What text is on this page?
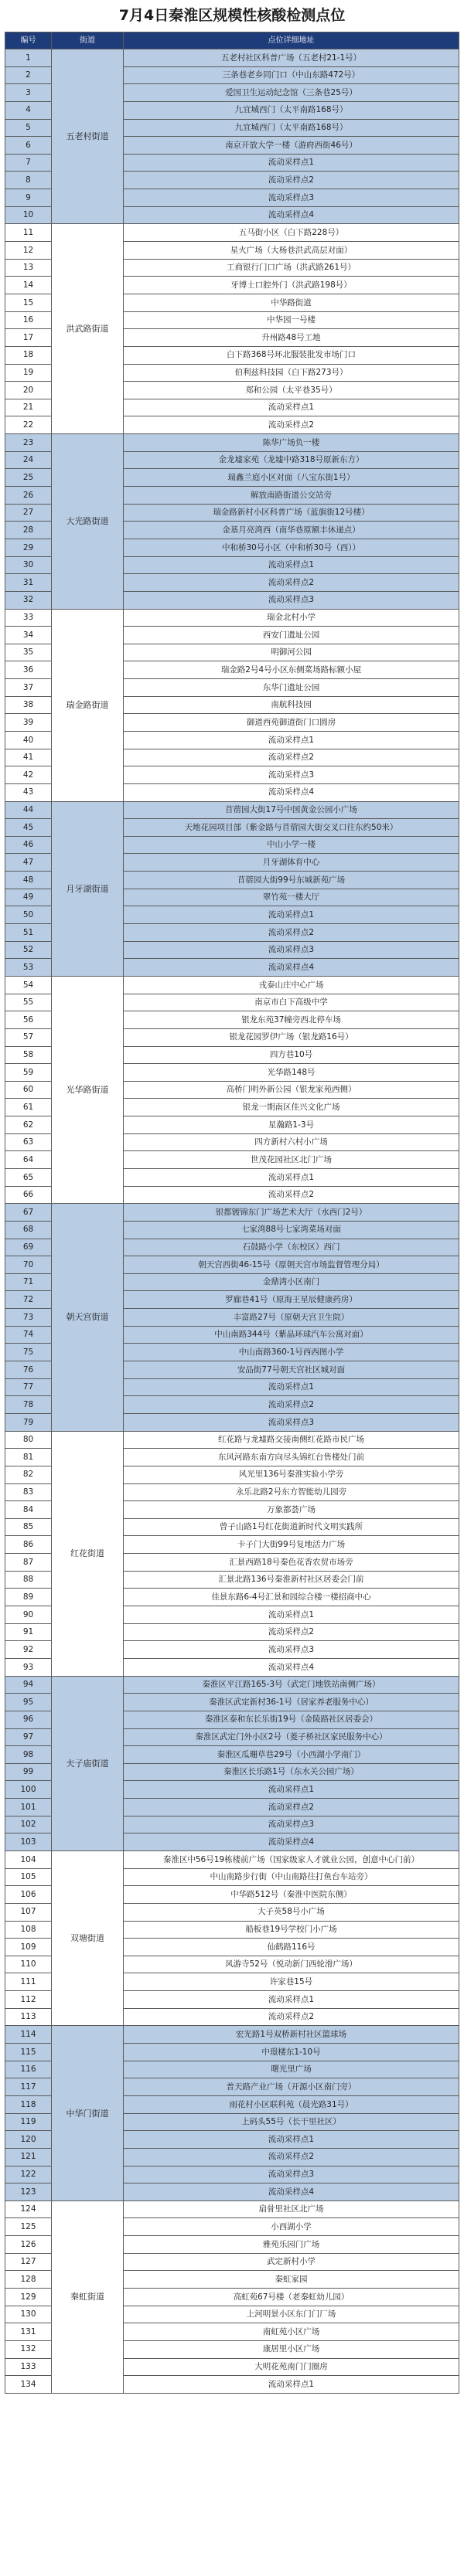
7月4日秦淮区规模性核酸检测点位
编号	街道	点位详细地址
1	五老村街道	五老村社区科普广场（五老村21-1号）
2		三条巷老乡同门口（中山东路472号）
3		爱国卫生运动纪念馆（三条巷25号）
4		九宜城西门（太平南路168号）
5		九宜城西门（太平南路168号）
6		南京开放大学一楼（游府西街46号）
7		流动采样点1
8		流动采样点2
9		流动采样点3
10		流动采样点4
11	洪武路街道	五马街小区（白下路228号）
12		星火广场（大杨巷洪武高层对面）
13		工商银行门口广场（洪武路261号）
14		牙博士口腔外门（洪武路198号）
15		中华路街道
16		中华园一号楼
17		升州路48号工地
18		白下路368号环北服装批发市场门口
19		伯利兹科技园（白下路273号）
20		郑和公园（太平巷35号）
21		流动采样点1
22		流动采样点2
23	大光路街道	陈华广场负一楼
24		金龙墟家苑（龙墟中路318号原新东方）
25		瑞鑫兰庭小区对面（八宝东街1号）
26		解放南路街道公交站旁
27		瑞金路新村小区科普广场（蓝旗街12号楼）
28		金基月亮湾西（南华巷原额丰休递点）
29		中和桥30号小区（中和桥30号（西））
30		流动采样点1
31		流动采样点2
32		流动采样点3
33	瑞金路街道	瑞金北村小学
34		西安门遗址公园
35		明御河公园
36		瑞金路2号4号小区东侧菜场路标额小屋
37		东华门遗址公园
38		南航科技园
39		御道西苑御道街门口圆房
40		流动采样点1
41		流动采样点2
42		流动采样点3
43		流动采样点4
44	月牙湖街道	苜蓿园大街17号中国黄金公园小广场
45		天地花园项目部（紫金路与苜蓿园大街交叉口往东约50米）
46		中山小学一楼
47		月牙湖体育中心
48		苜蓿园大街99号东城新苑广场
49		翠竹苑一楼大厅
50		流动采样点1
51		流动采样点2
52		流动采样点3
53		流动采样点4
54	光华路街道	戎泰山庄中心广场
55		南京市白下高级中学
56		银龙东苑37幢旁西北停车场
57		银龙花园罗伊广场（银龙路16号）
58		四方巷10号
59		光华路148号
60		高桥门明外新公园（银龙家苑西侧）
61		银龙一期南区佳兴文化广场
62		星瀚路1-3号
63		四方新村六村小广场
64		世茂花园社区北门广场
65		流动采样点1
66		流动采样点2
67	朝天宫街道	银都镀锦东门广场艺术大厅（水西门2号）
68		七家湾88号七家湾菜场对面
69		石鼓路小学（东校区）西门
70		朝天宫西街46-15号（原朝天宫市场监督管理分局）
71		金鼎湾小区南门
72		罗廊巷41号（原海王星辰健康药房）
73		丰富路27号（原朝天宫卫生院）
74		中山南路344号（紫晶环球汽车公寓对面）
75		中山南路360-1号西西图小学
76		安品街77号朝天宫社区城对面
77		流动采样点1
78		流动采样点2
79		流动采样点3
80	红花街道	红花路与龙墟路交接南侧红花路市民广场
81		东风河路东南方向尽头锦红台售楼处门前
82		风光里136号秦淮实验小学旁
83		永乐北路2号东方智能幼儿园旁
84		万象都荟广场
85		曾子山路1号红花街道新时代文明实践所
86		卡子门大街99号复地活力广场
87		汇景西路18号秦色花香农贸市场旁
88		汇景北路136号秦淮新村社区居委会门前
89		佳景东路6-4号汇景和园综合楼一楼招商中心
90		流动采样点1
91		流动采样点2
92		流动采样点3
93		流动采样点4
94	夫子庙街道	秦淮区平江路165-3号（武定门地铁站南侧广场）
95		秦淮区武定新村36-1号（居家养老服务中心）
96		秦淮区泰和东长乐街19号（金陵路社区居委会）
97		秦淮区武定门外小区2号（菱子桥社区家民服务中心）
98		秦淮区瓜珊草巷29号（小西湖小学南门）
99		秦淮区长乐路1号（东水关公园广场）
100		流动采样点1
101		流动采样点2
102		流动采样点3
103		流动采样点4
104	双塘街道	秦淮区中56号19栋楼前广场（国家级家人才就业公园，创意中心门前）
105		中山南路步行街（中山南路往打鱼台车站旁）
106		中华路512号（秦淮中医院东侧）
107		大子英58号小广场
108		船板巷19号学校门小广场
109		仙鹤路116号
110		风游寺52号（悦动新门西轮滑广场）
111		许家巷15号
112		流动采样点1
113		流动采样点2
114	中华门街道	宏光路1号双桥新村社区篮球场
115		中璟楼东1-10号
116		曙光里广场
117		普天路产业广场（开源小区南门旁）
118		雨花村小区联科苑（晨光路31号）
119		上码头55号（长干里社区）
120		流动采样点1
121		流动采样点2
122		流动采样点3
123		流动采样点4
124	秦虹街道	扇骨里社区北广场
125		小西湖小学
126		雅苑乐园门广场
127		武定新村小学
128		秦虹家园
129		高虹苑67号楼（老秦虹幼儿园）
130		上河明景小区东门门厂场
131		南虹苑小区广场
132		康居里小区广场
133		大明花苑南门门圈房
134		流动采样点1
